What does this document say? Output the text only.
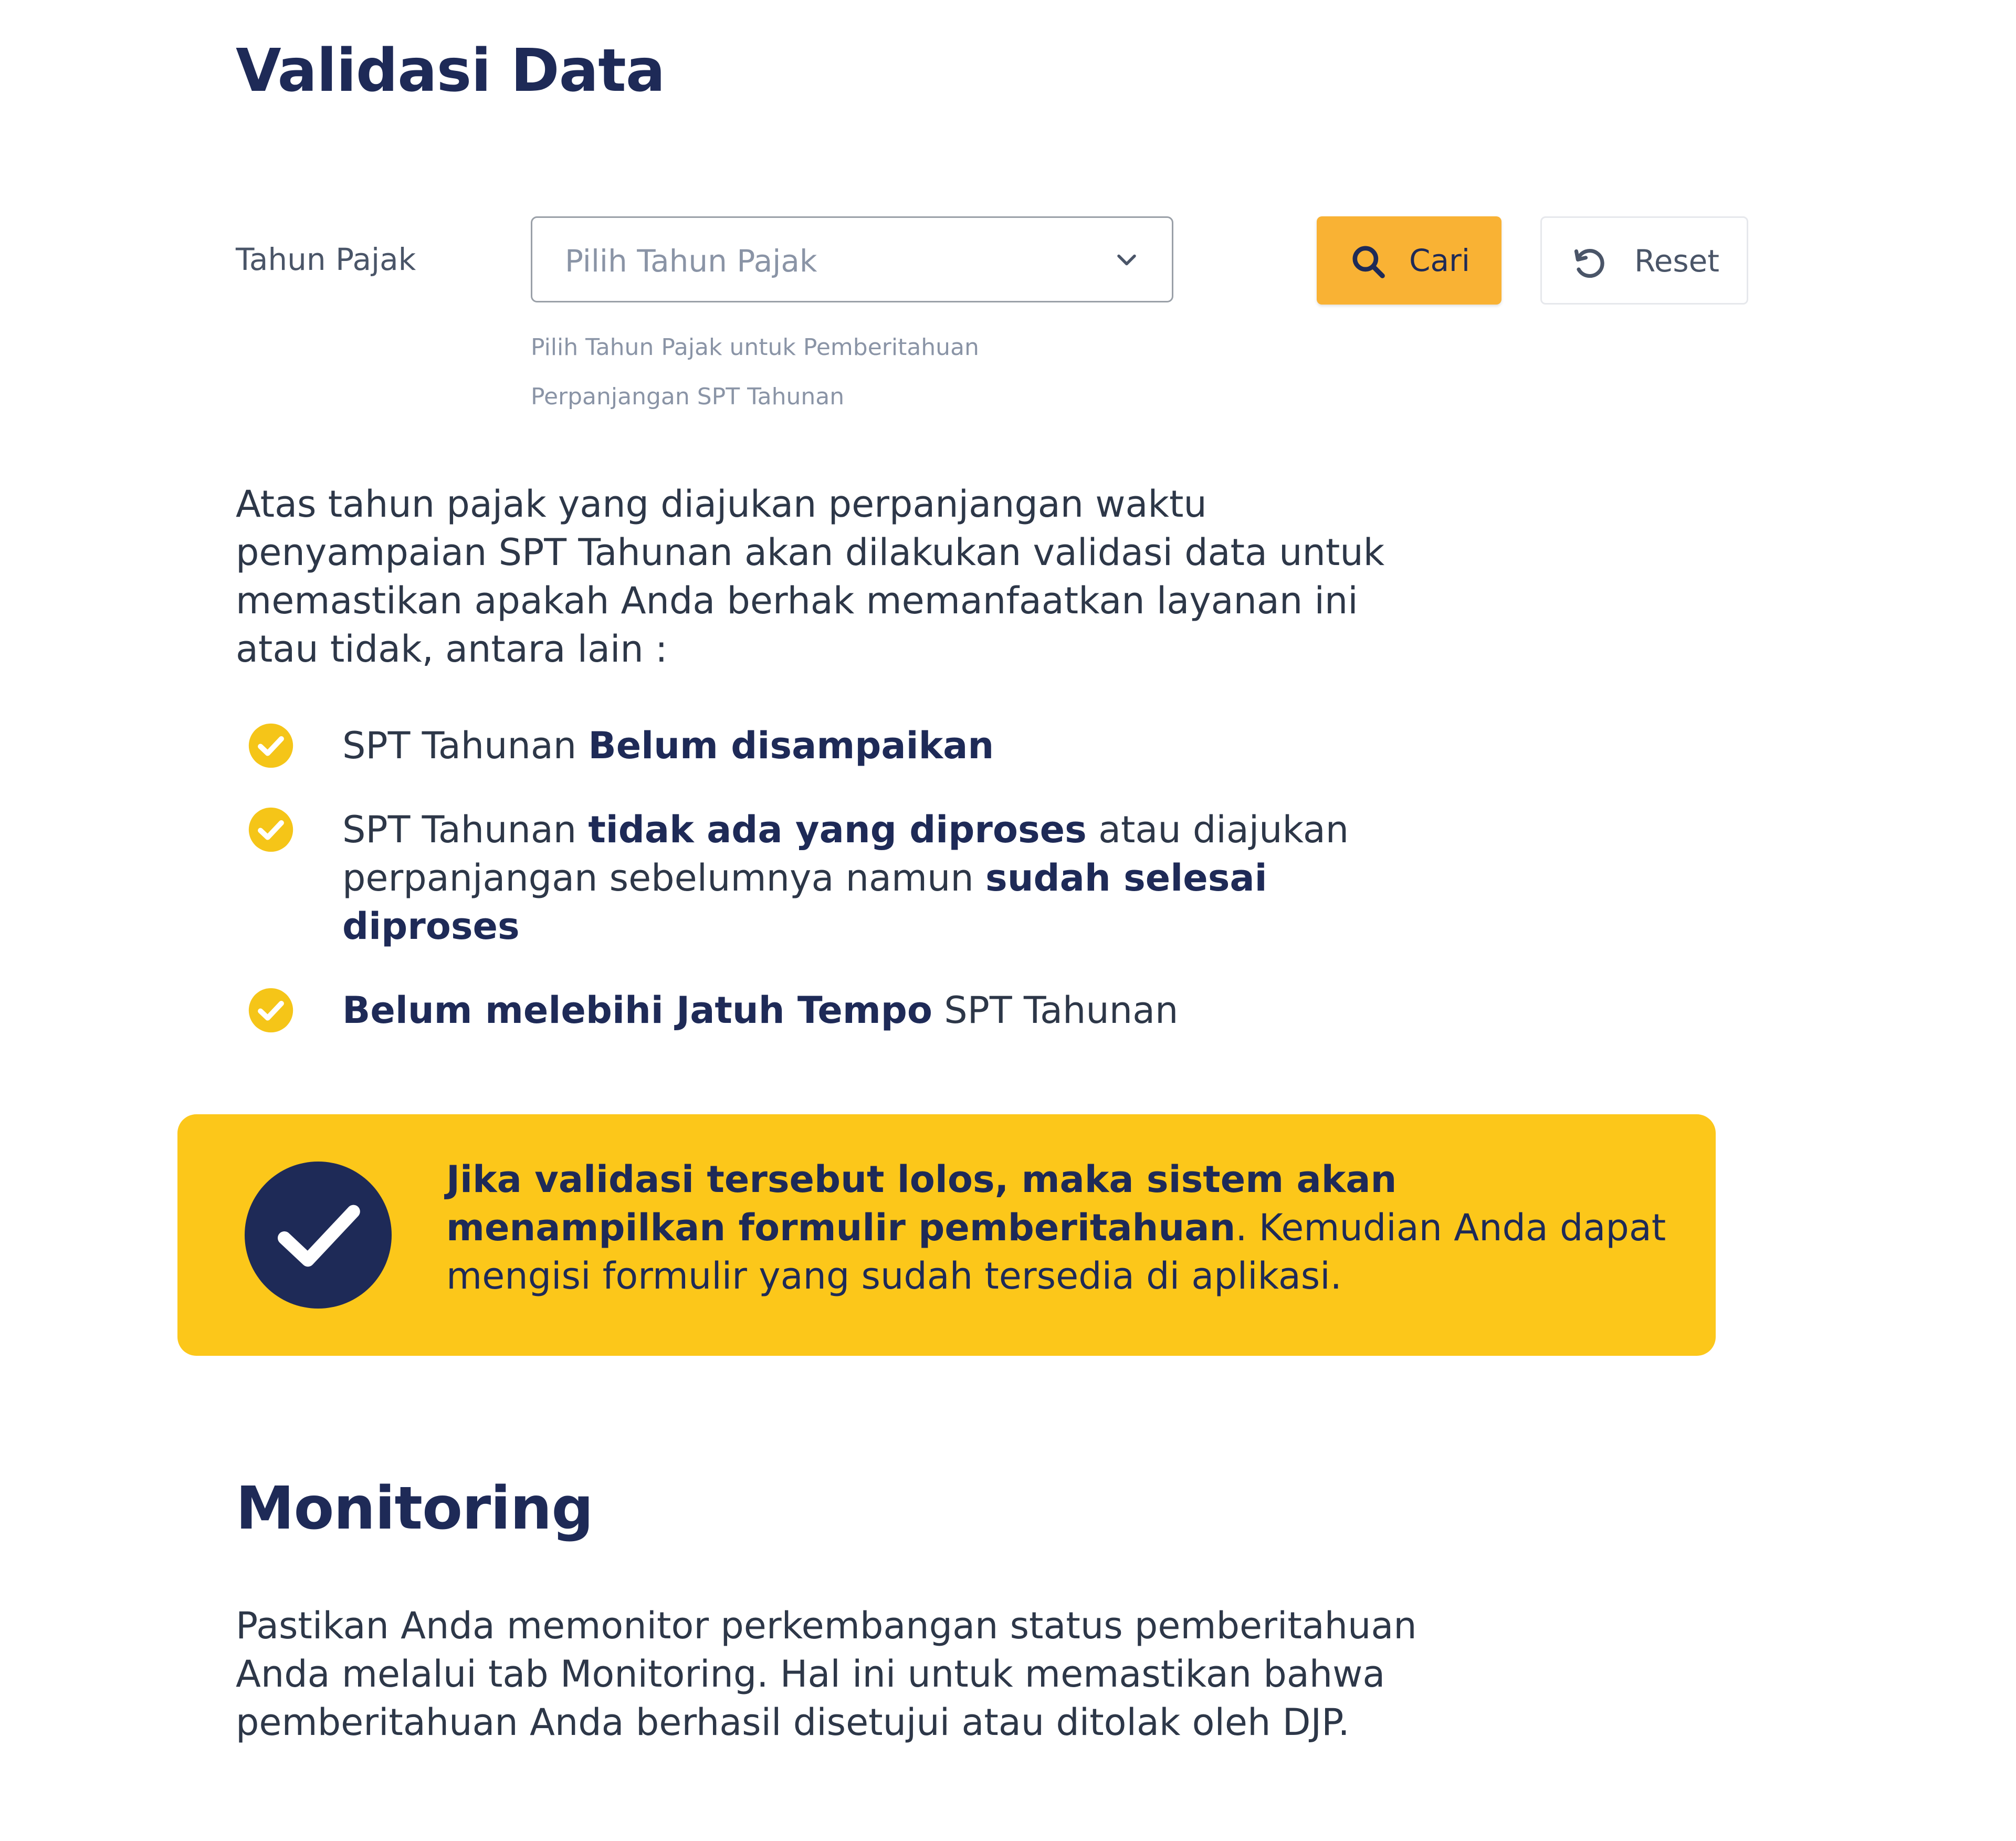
Validasi Data
Tahun Pajak	Pilih Tahun Pajak
Pilih Tahun Pajak untuk Pemberitahuan
Perpanjangan SPT Tahunan
Cari	Reset

Atas tahun pajak yang diajukan perpanjangan waktu penyampaian SPT Tahunan akan dilakukan validasi data untuk memastikan apakah Anda berhak memanfaatkan layanan ini atau tidak, antara lain :

SPT Tahunan Belum disampaikan
SPT Tahunan tidak ada yang diproses atau diajukan perpanjangan sebelumnya namun sudah selesai diproses
Belum melebihi Jatuh Tempo SPT Tahunan

Jika validasi tersebut lolos, maka sistem akan menampilkan formulir pemberitahuan. Kemudian Anda dapat mengisi formulir yang sudah tersedia di aplikasi.

Monitoring

Pastikan Anda memonitor perkembangan status pemberitahuan Anda melalui tab Monitoring. Hal ini untuk memastikan bahwa pemberitahuan Anda berhasil disetujui atau ditolak oleh DJP.
